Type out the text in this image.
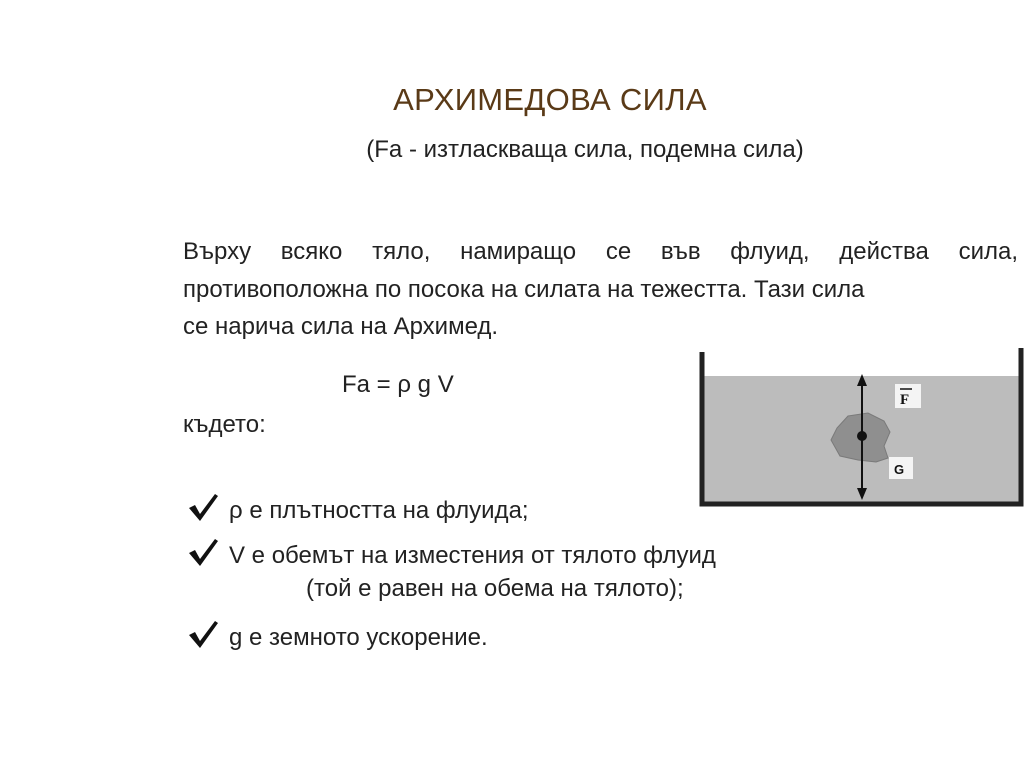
АРХИМЕДОВА СИЛА
(Fa - изтласкваща сила, подемна сила)
Върху всяко тяло, намиращо се във флуид, действа сила,
противоположна по посока на силата на тежестта. Тази сила
се нарича сила на Архимед.
Fa = ρ g V
където:
ρ е плътността на флуида;
V е обемът на изместения от тялото флуид
(той е равен на обема на тялото);
g е земното ускорение.
F
G
